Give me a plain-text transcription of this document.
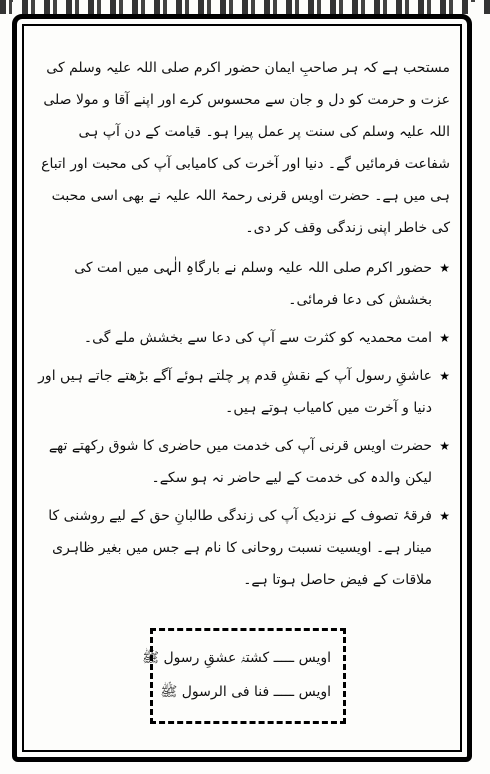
مستحب ہے کہ ہر صاحبِ ایمان حضور اکرم صلی اللہ علیہ وسلم کی عزت و حرمت کو دل و جان سے محسوس کرے اور اپنے آقا و مولا صلی اللہ علیہ وسلم کی سنت پر عمل پیرا ہو۔ قیامت کے دن آپ ہی شفاعت فرمائیں گے۔ دنیا اور آخرت کی کامیابی آپ کی محبت اور اتباع ہی میں ہے۔ حضرت اویس قرنی رحمۃ اللہ علیہ نے بھی اسی محبت کی خاطر اپنی زندگی وقف کر دی۔

★
حضور اکرم صلی اللہ علیہ وسلم نے بارگاہِ الٰہی میں امت کی بخشش کی دعا فرمائی۔
★
امت محمدیہ کو کثرت سے آپ کی دعا سے بخشش ملے گی۔
★
عاشقِ رسول آپ کے نقشِ قدم پر چلتے ہوئے آگے بڑھتے جاتے ہیں اور دنیا و آخرت میں کامیاب ہوتے ہیں۔
★
حضرت اویس قرنی آپ کی خدمت میں حاضری کا شوق رکھتے تھے لیکن والدہ کی خدمت کے لیے حاضر نہ ہو سکے۔
★
فرقۂ تصوف کے نزدیک آپ کی زندگی طالبانِ حق کے لیے روشنی کا مینار ہے۔ اویسیت نسبت روحانی کا نام ہے جس میں بغیر ظاہری ملاقات کے فیض حاصل ہوتا ہے۔
اویس ـــــ کشتۂ عشقِ رسول ﷺ
اویس ـــــ فنا فی الرسول ﷺ
